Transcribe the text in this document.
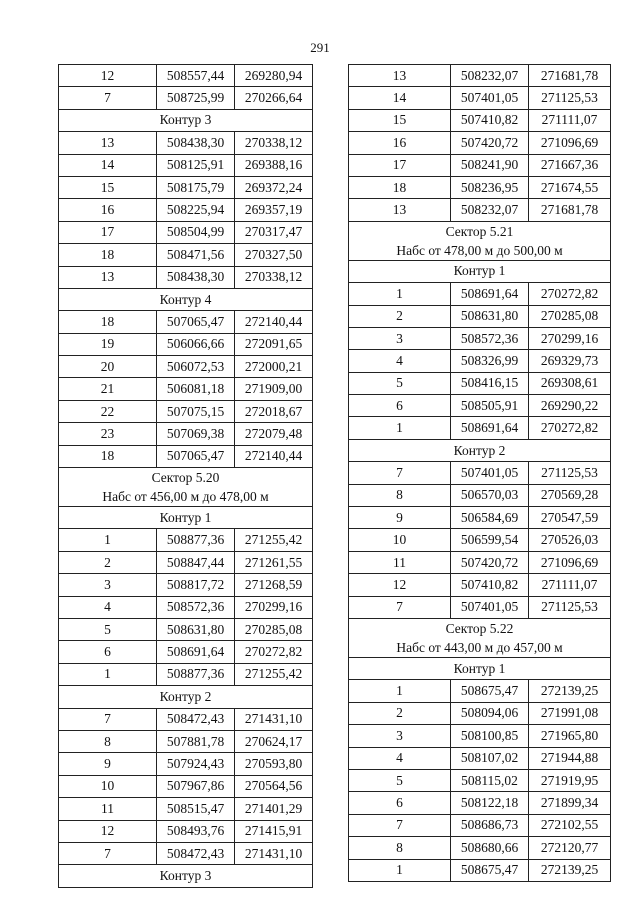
291
12	508557,44	269280,94
7	508725,99	270266,64
Контур 3		
13	508438,30	270338,12
14	508125,91	269388,16
15	508175,79	269372,24
16	508225,94	269357,19
17	508504,99	270317,47
18	508471,56	270327,50
13	508438,30	270338,12
Контур 4		
18	507065,47	272140,44
19	506066,66	272091,65
20	506072,53	272000,21
21	506081,18	271909,00
22	507075,15	272018,67
23	507069,38	272079,48
18	507065,47	272140,44

Сектор 5.20
Набс от 456,00 м до 478,00 м		

Контур 1		
1	508877,36	271255,42
2	508847,44	271261,55
3	508817,72	271268,59
4	508572,36	270299,16
5	508631,80	270285,08
6	508691,64	270272,82
1	508877,36	271255,42
Контур 2		
7	508472,43	271431,10
8	507881,78	270624,17
9	507924,43	270593,80
10	507967,86	270564,56
11	508515,47	271401,29
12	508493,76	271415,91
7	508472,43	271431,10
Контур 3		
13	508232,07	271681,78
14	507401,05	271125,53
15	507410,82	271111,07
16	507420,72	271096,69
17	508241,90	271667,36
18	508236,95	271674,55
13	508232,07	271681,78

Сектор 5.21
Набс от 478,00 м до 500,00 м		

Контур 1		
1	508691,64	270272,82
2	508631,80	270285,08
3	508572,36	270299,16
4	508326,99	269329,73
5	508416,15	269308,61
6	508505,91	269290,22
1	508691,64	270272,82
Контур 2		
7	507401,05	271125,53
8	506570,03	270569,28
9	506584,69	270547,59
10	506599,54	270526,03
11	507420,72	271096,69
12	507410,82	271111,07
7	507401,05	271125,53

Сектор 5.22
Набс от 443,00 м до 457,00 м		

Контур 1		
1	508675,47	272139,25
2	508094,06	271991,08
3	508100,85	271965,80
4	508107,02	271944,88
5	508115,02	271919,95
6	508122,18	271899,34
7	508686,73	272102,55
8	508680,66	272120,77
1	508675,47	272139,25
